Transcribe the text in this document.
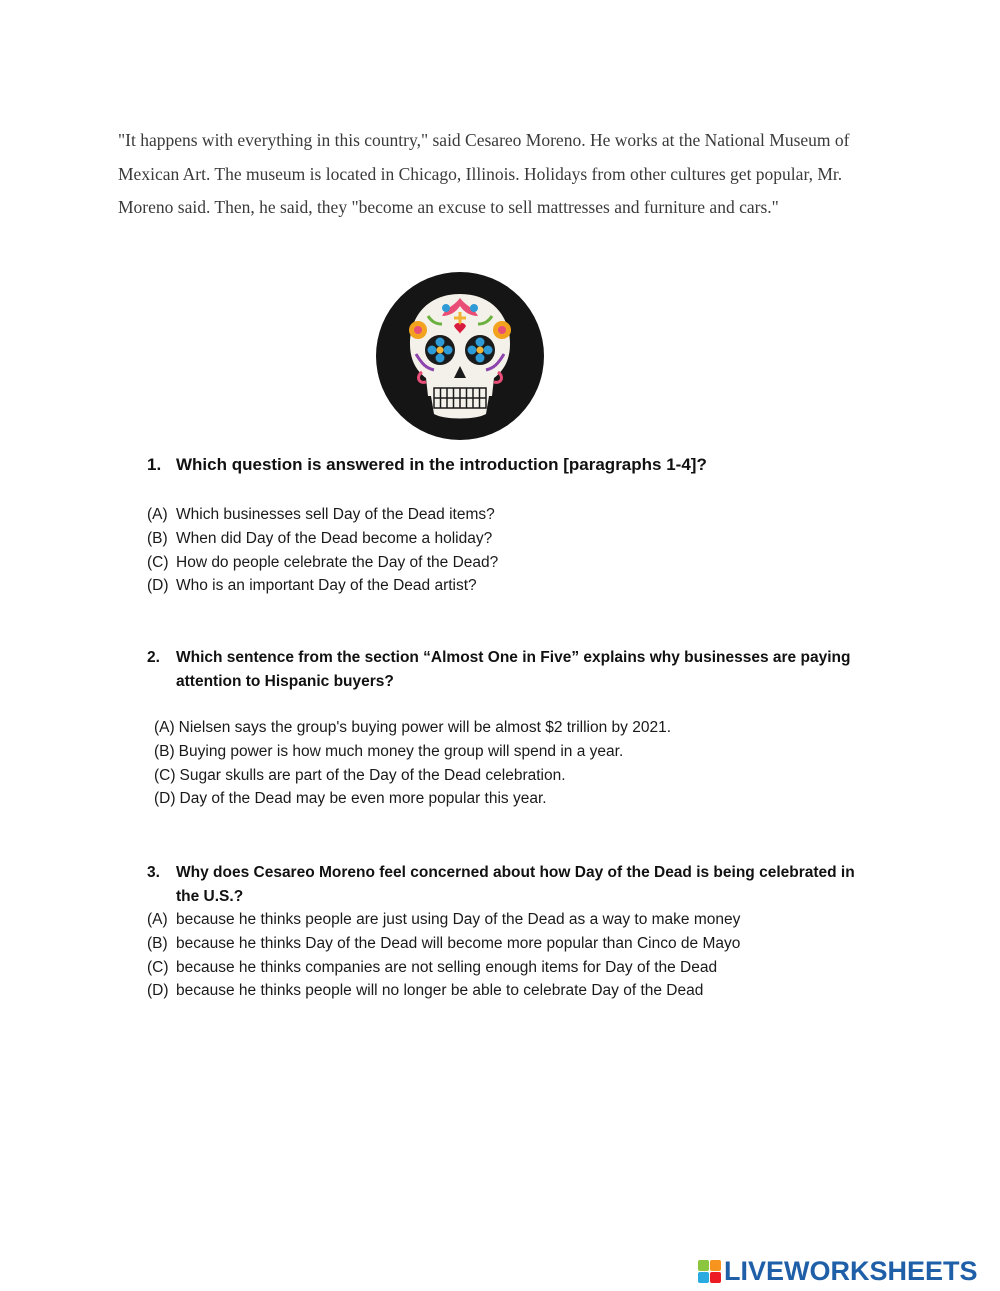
"It happens with everything in this country," said Cesareo Moreno. He works at the National Museum of Mexican Art. The museum is located in Chicago, Illinois. Holidays from other cultures get popular, Mr. Moreno said. Then, he said, they "become an excuse to sell mattresses and furniture and cars."

1. Which question is answered in the introduction [paragraphs 1-4]?
(A) Which businesses sell Day of the Dead items?
(B) When did Day of the Dead become a holiday?
(C) How do people celebrate the Day of the Dead?
(D) Who is an important Day of the Dead artist?
2.	Which sentence from the section “Almost One in Five” explains why businesses are paying attention to Hispanic buyers?
(A) Nielsen says the group's buying power will be almost $2 trillion by 2021.
(B) Buying power is how much money the group will spend in a year.
(C) Sugar skulls are part of the Day of the Dead celebration.
(D) Day of the Dead may be even more popular this year.
3.	Why does Cesareo Moreno feel concerned about how Day of the Dead is being celebrated in the U.S.?
(A) because he thinks people are just using Day of the Dead as a way to make money
(B) because he thinks Day of the Dead will become more popular than Cinco de Mayo
(C) because he thinks companies are not selling enough items for Day of the Dead
(D) because he thinks people will no longer be able to celebrate Day of the Dead
LIVEWORKSHEETS
